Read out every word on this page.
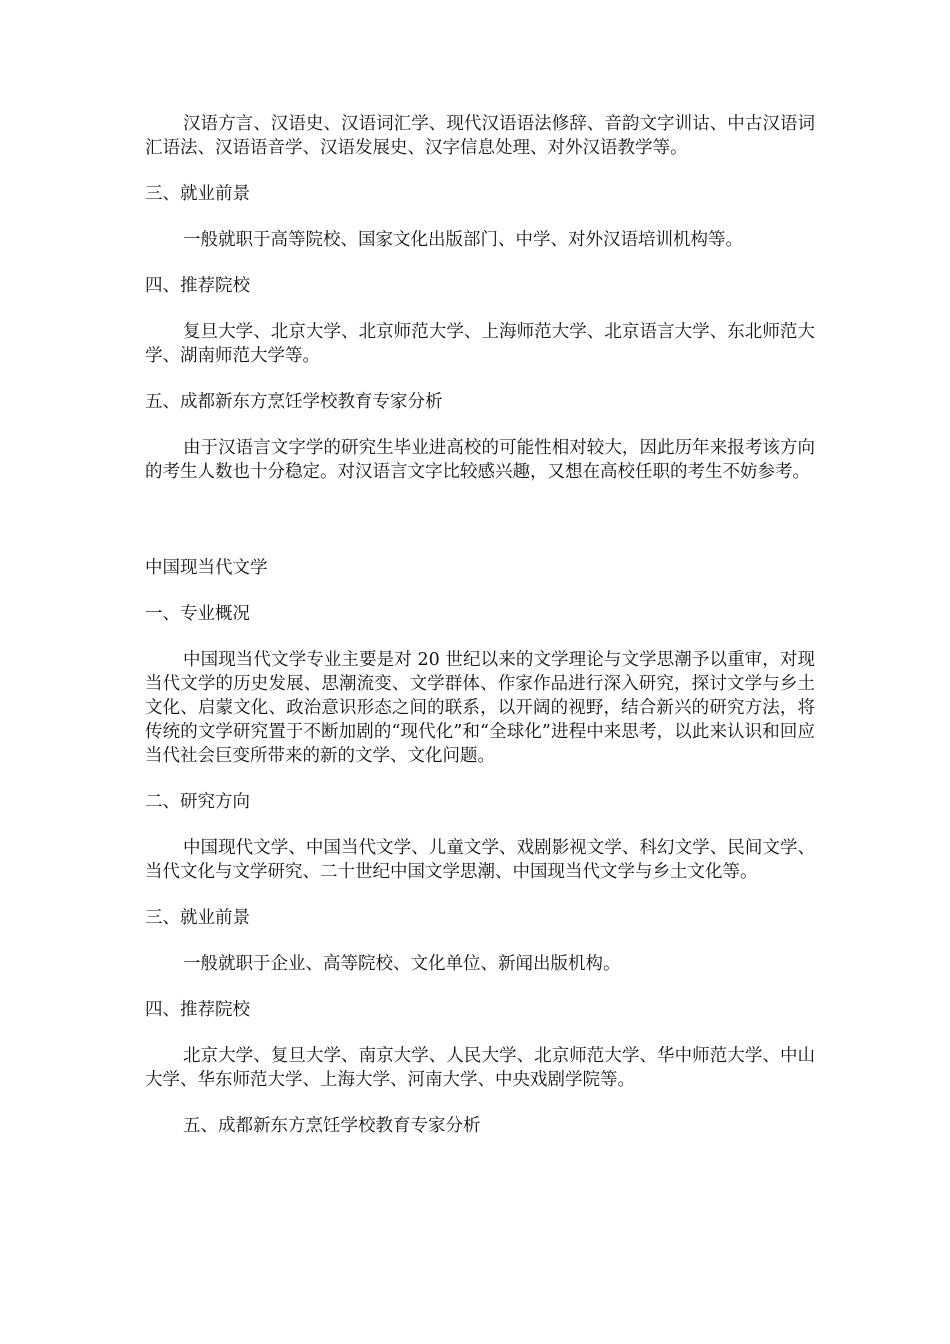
汉语方言、汉语史、汉语词汇学、现代汉语语法修辞、音韵文字训诂、中古汉语词汇语法、汉语语音学、汉语发展史、汉字信息处理、对外汉语教学等。

三、就业前景

一般就职于高等院校、国家文化出版部门、中学、对外汉语培训机构等。

四、推荐院校

复旦大学、北京大学、北京师范大学、上海师范大学、北京语言大学、东北师范大学、湖南师范大学等。

五、成都新东方烹饪学校教育专家分析

由于汉语言文字学的研究生毕业进高校的可能性相对较大，因此历年来报考该方向的考生人数也十分稳定。对汉语言文字比较感兴趣，又想在高校任职的考生不妨参考。

中国现当代文学

一、专业概况

中国现当代文学专业主要是对 20 世纪以来的文学理论与文学思潮予以重审，对现当代文学的历史发展、思潮流变、文学群体、作家作品进行深入研究，探讨文学与乡土文化、启蒙文化、政治意识形态之间的联系，以开阔的视野，结合新兴的研究方法，将传统的文学研究置于不断加剧的“现代化”和“全球化”进程中来思考，以此来认识和回应当代社会巨变所带来的新的文学、文化问题。

二、研究方向

中国现代文学、中国当代文学、儿童文学、戏剧影视文学、科幻文学、民间文学、当代文化与文学研究、二十世纪中国文学思潮、中国现当代文学与乡土文化等。

三、就业前景

一般就职于企业、高等院校、文化单位、新闻出版机构。

四、推荐院校

北京大学、复旦大学、南京大学、人民大学、北京师范大学、华中师范大学、中山大学、华东师范大学、上海大学、河南大学、中央戏剧学院等。

五、成都新东方烹饪学校教育专家分析
